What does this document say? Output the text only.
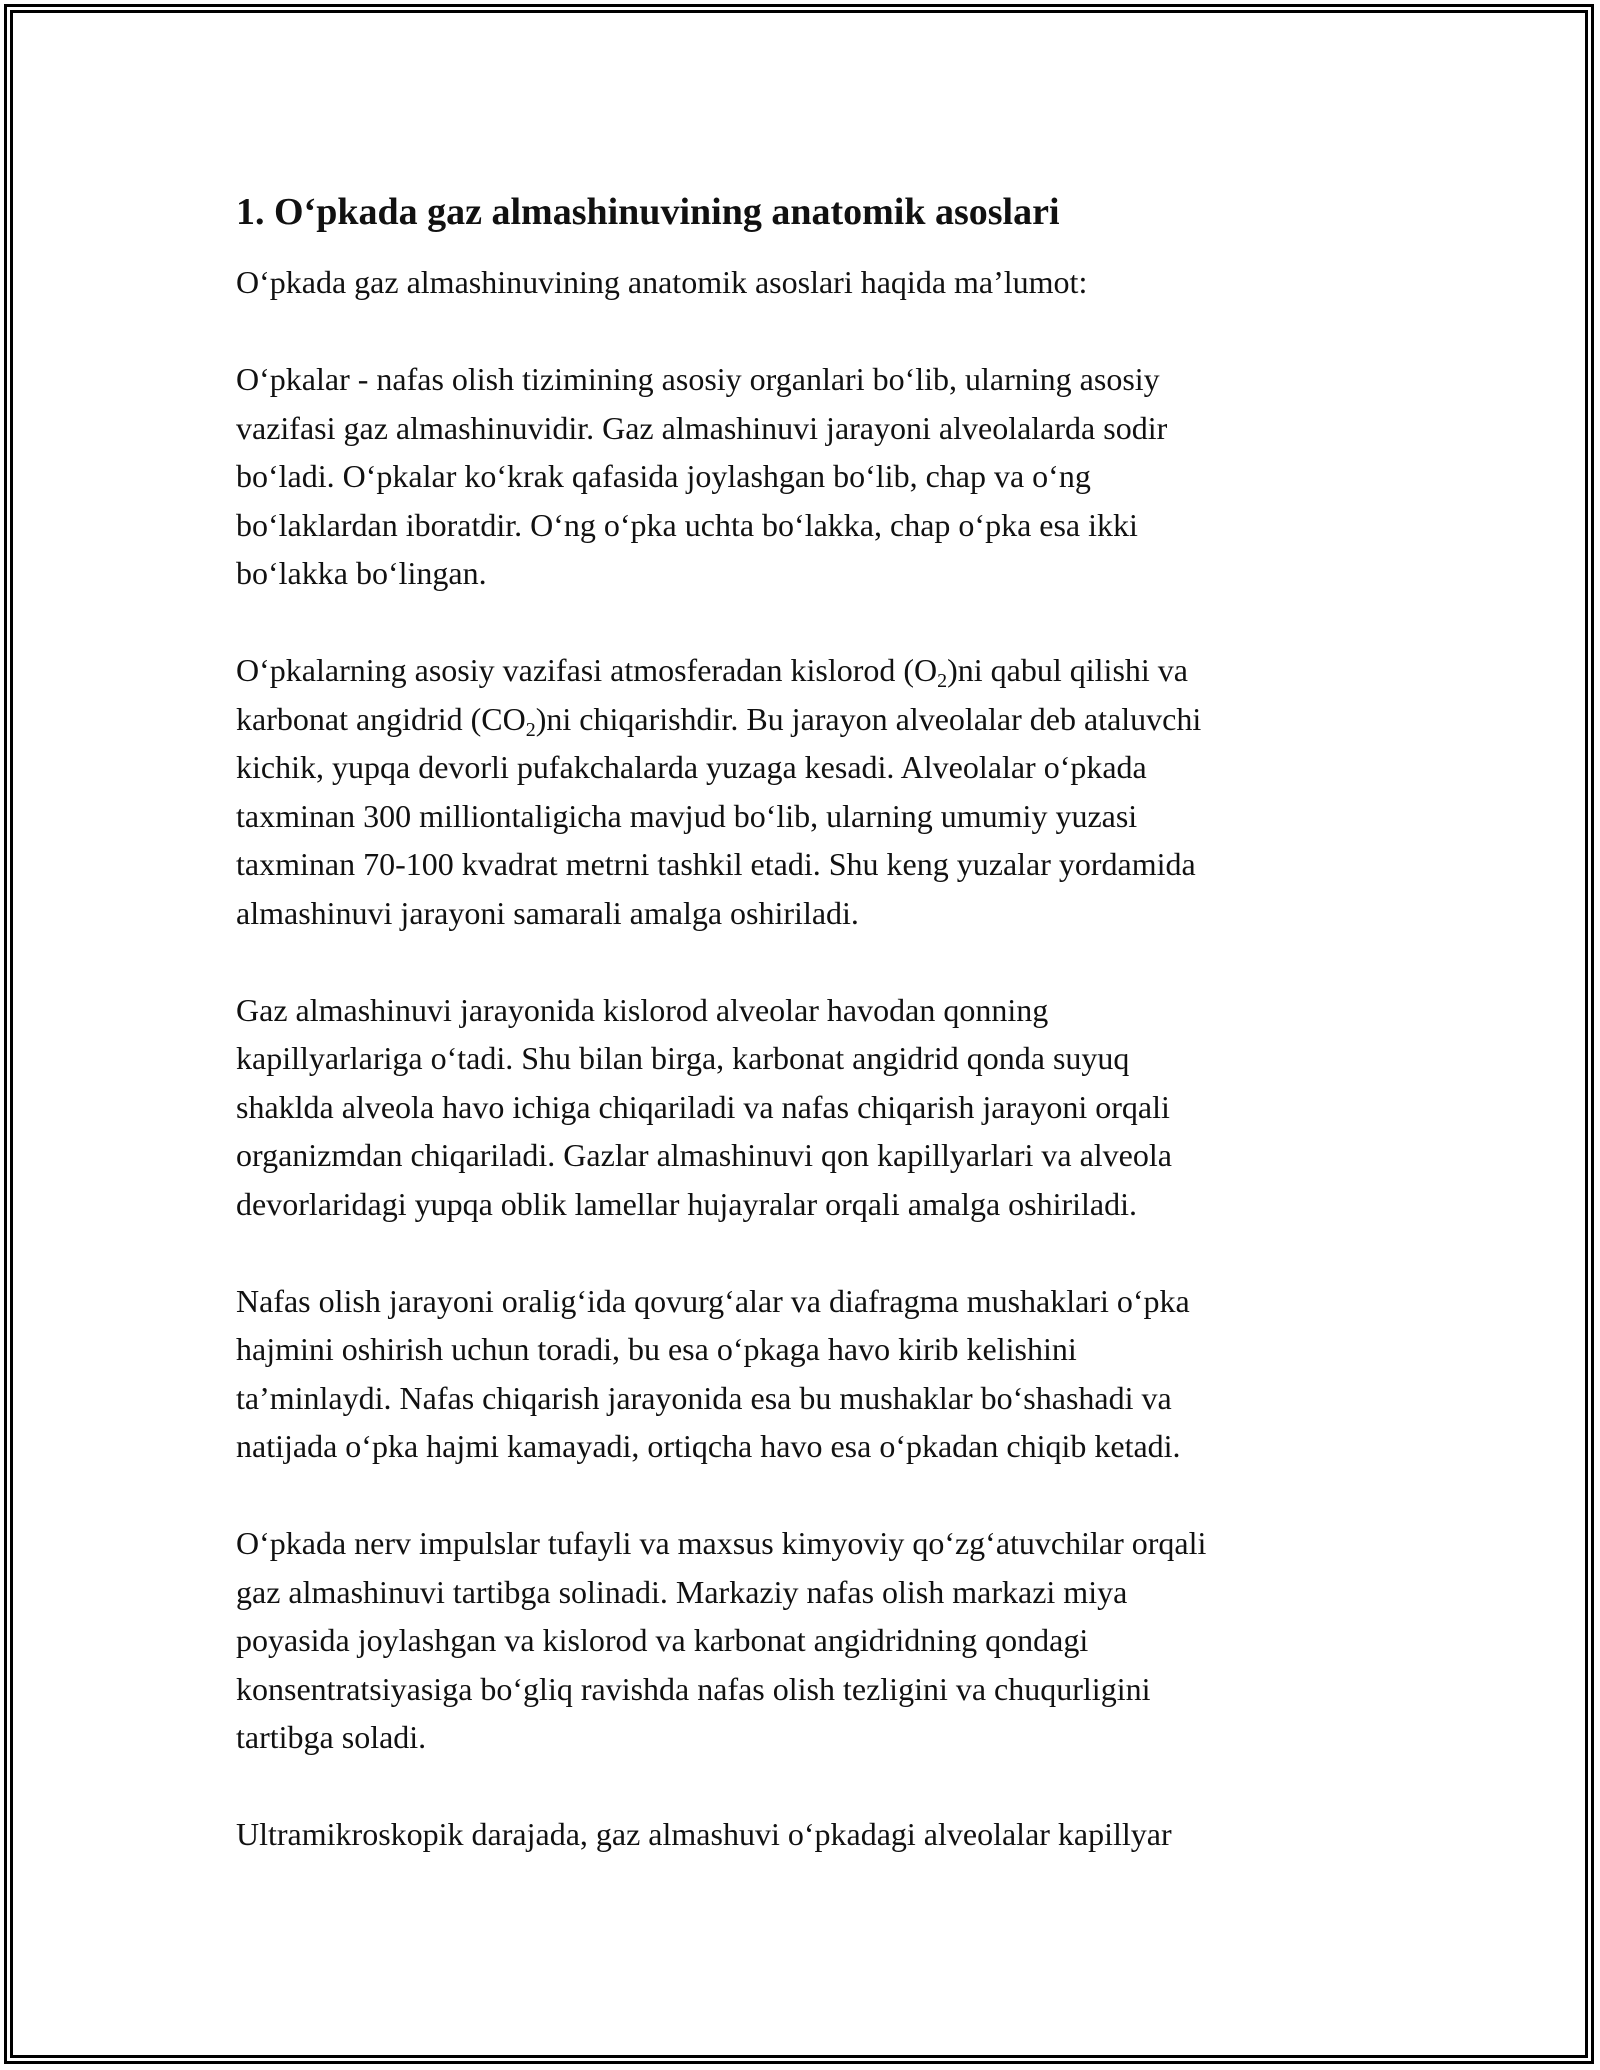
1. O‘pkada gaz almashinuvining anatomik asoslari

O‘pkada gaz almashinuvining anatomik asoslari haqida ma’lumot:

O‘pkalar - nafas olish tizimining asosiy organlari bo‘lib, ularning asosiy
vazifasi gaz almashinuvidir. Gaz almashinuvi jarayoni alveolalarda sodir
bo‘ladi. O‘pkalar ko‘krak qafasida joylashgan bo‘lib, chap va o‘ng
bo‘laklardan iboratdir. O‘ng o‘pka uchta bo‘lakka, chap o‘pka esa ikki
bo‘lakka bo‘lingan.

O‘pkalarning asosiy vazifasi atmosferadan kislorod $(O_2)ni$ qabul qilishi va
karbonat angidrid $(CO_2)ni$ chiqarishdir. Bu jarayon alveolalar deb ataluvchi
kichik, yupqa devorli pufakchalarda yuzaga kesadi. Alveolalar o‘pkada
taxminan 300 milliontaligicha mavjud bo‘lib, ularning umumiy yuzasi
taxminan 70-100 kvadrat metrni tashkil etadi. Shu keng yuzalar yordamida
almashinuvi jarayoni samarali amalga oshiriladi.

Gaz almashinuvi jarayonida kislorod alveolar havodan qonning
kapillyarlariga o‘tadi. Shu bilan birga, karbonat angidrid qonda suyuq
shaklda alveola havo ichiga chiqariladi va nafas chiqarish jarayoni orqali
organizmdan chiqariladi. Gazlar almashinuvi qon kapillyarlari va alveola
devorlaridagi yupqa oblik lamellar hujayralar orqali amalga oshiriladi.

Nafas olish jarayoni oralig‘ida qovurg‘alar va diafragma mushaklari o‘pka
hajmini oshirish uchun toradi, bu esa o‘pkaga havo kirib kelishini
ta’minlaydi. Nafas chiqarish jarayonida esa bu mushaklar bo‘shashadi va
natijada o‘pka hajmi kamayadi, ortiqcha havo esa o‘pkadan chiqib ketadi.

O‘pkada nerv impulslar tufayli va maxsus kimyoviy qo‘zg‘atuvchilar orqali
gaz almashinuvi tartibga solinadi. Markaziy nafas olish markazi miya
poyasida joylashgan va kislorod va karbonat angidridning qondagi
konsentratsiyasiga bo‘gliq ravishda nafas olish tezligini va chuqurligini
tartibga soladi.

Ultramikroskopik darajada, gaz almashuvi o‘pkadagi alveolalar kapillyar
